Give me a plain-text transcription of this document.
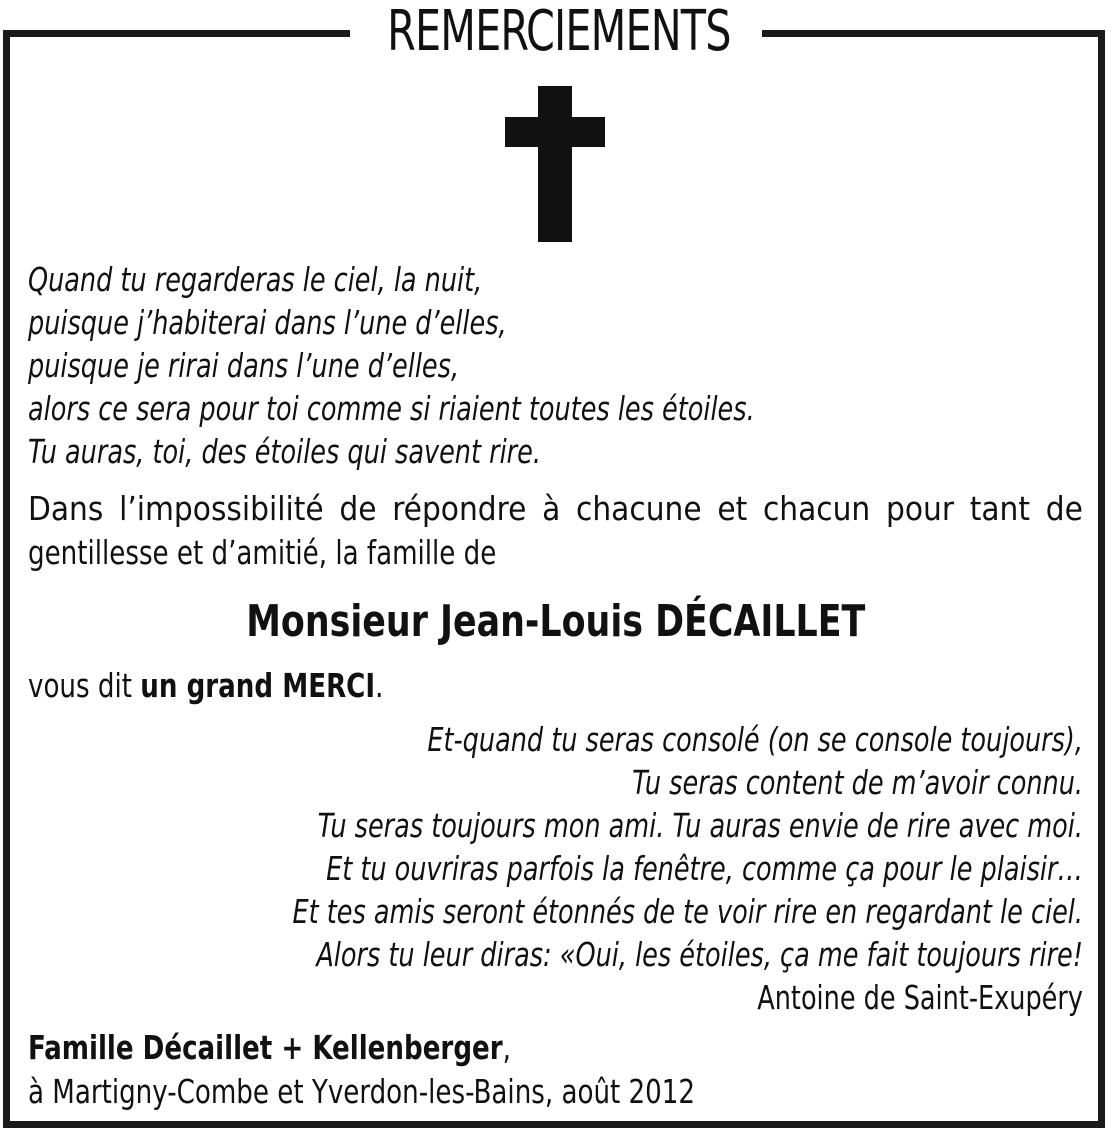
REMERCIEMENTS
Quand tu regarderas le ciel, la nuit,
puisque j’habiterai dans l’une d’elles,
puisque je rirai dans l’une d’elles,
alors ce sera pour toi comme si riaient toutes les étoiles.
Tu auras, toi, des étoiles qui savent rire.
Dans l’impossibilité de répondre à chacune et chacun pour tant de
gentillesse et d’amitié, la famille de
Monsieur Jean-Louis DÉCAILLET
vous dit un grand MERCI.
Et-quand tu seras consolé (on se console toujours),
Tu seras content de m’avoir connu.
Tu seras toujours mon ami. Tu auras envie de rire avec moi.
Et tu ouvriras parfois la fenêtre, comme ça pour le plaisir…
Et tes amis seront étonnés de te voir rire en regardant le ciel.
Alors tu leur diras: «Oui, les étoiles, ça me fait toujours rire!
Antoine de Saint-Exupéry
Famille Décaillet + Kellenberger,
à Martigny-Combe et Yverdon-les-Bains, août 2012
